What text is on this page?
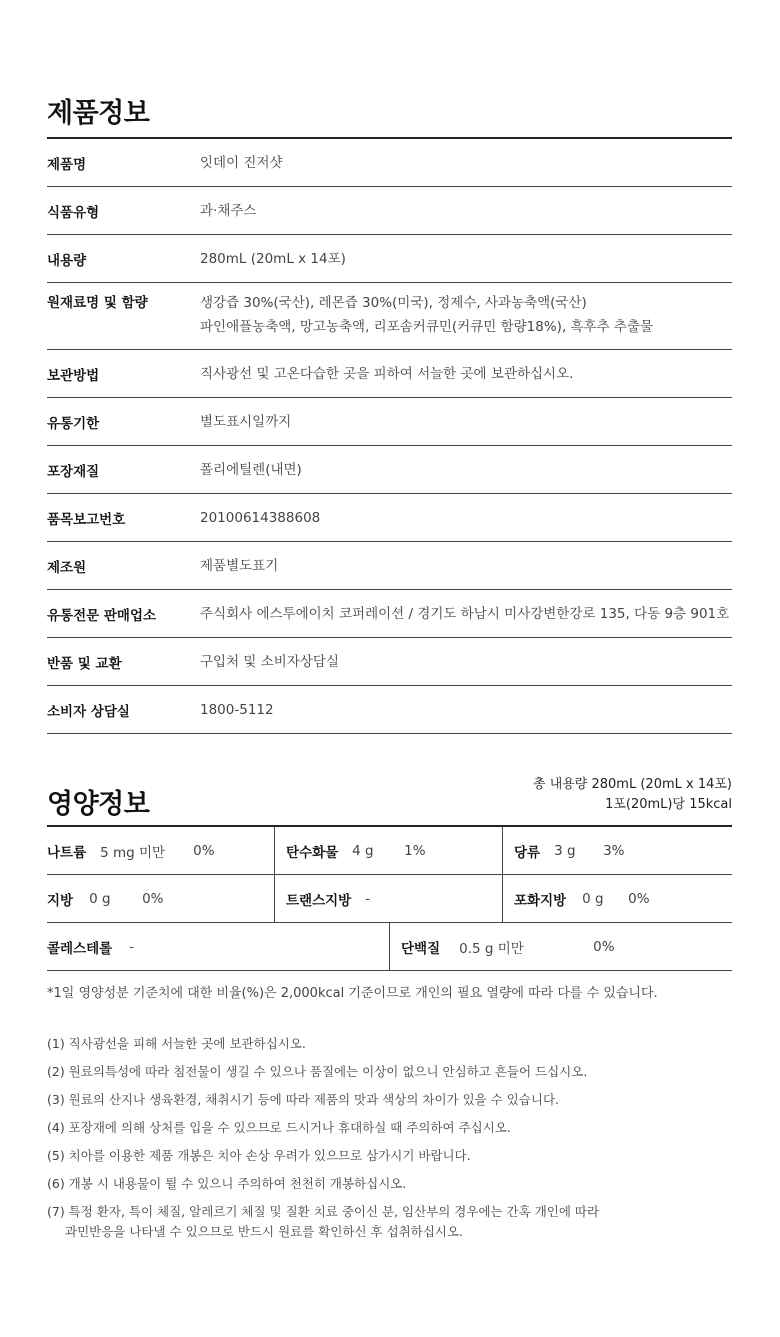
제품정보
제품명	잇데이 진저샷
식품유형	과·채주스
내용량	280mL (20mL x 14포)
원재료명 및 함량	생강즙 30%(국산), 레몬즙 30%(미국), 정제수, 사과농축액(국산)
파인애플농축액, 망고농축액, 리포솜커큐민(커큐민 함량18%), 흑후추 추출물
보관방법	직사광선 및 고온다습한 곳을 피하여 서늘한 곳에 보관하십시오.
유통기한	별도표시일까지
포장재질	폴리에틸렌(내면)
품목보고번호	20100614388608
제조원	제품별도표기
유통전문 판매업소	주식회사 에스투에이치 코퍼레이션 / 경기도 하남시 미사강변한강로 135, 다동 9층 901호
반품 및 교환	구입처 및 소비자상담실
소비자 상담실	1800-5112
영양정보
총 내용량 280mL (20mL x 14포)
1포(20mL)당 15kcal
나트륨 5 mg 미만	0%	탄수화물 4 g	1%	당류 3 g	3%
지방 0 g	0%	트랜스지방 -	포화지방 0 g	0%
콜레스테롤 -	단백질 0.5 g 미만	0%

*1일 영양성분 기준치에 대한 비율(%)은 2,000kcal 기준이므로 개인의 필요 열량에 따라 다를 수 있습니다.

(1) 직사광선을 피해 서늘한 곳에 보관하십시오.
(2) 원료의특성에 따라 침전물이 생길 수 있으나 품질에는 이상이 없으니 안심하고 흔들어 드십시오.
(3) 원료의 산지나 생육환경, 채취시기 등에 따라 제품의 맛과 색상의 차이가 있을 수 있습니다.
(4) 포장재에 의해 상처를 입을 수 있으므로 드시거나 휴대하실 때 주의하여 주십시오.
(5) 치아를 이용한 제품 개봉은 치아 손상 우려가 있으므로 삼가시기 바랍니다.
(6) 개봉 시 내용물이 튈 수 있으니 주의하여 천천히 개봉하십시오.
(7) 특정 환자, 특이 체질, 알레르기 체질 및 질환 치료 중이신 분, 임산부의 경우에는 간혹 개인에 따라
과민반응을 나타낼 수 있으므로 반드시 원료를 확인하신 후 섭취하십시오.
